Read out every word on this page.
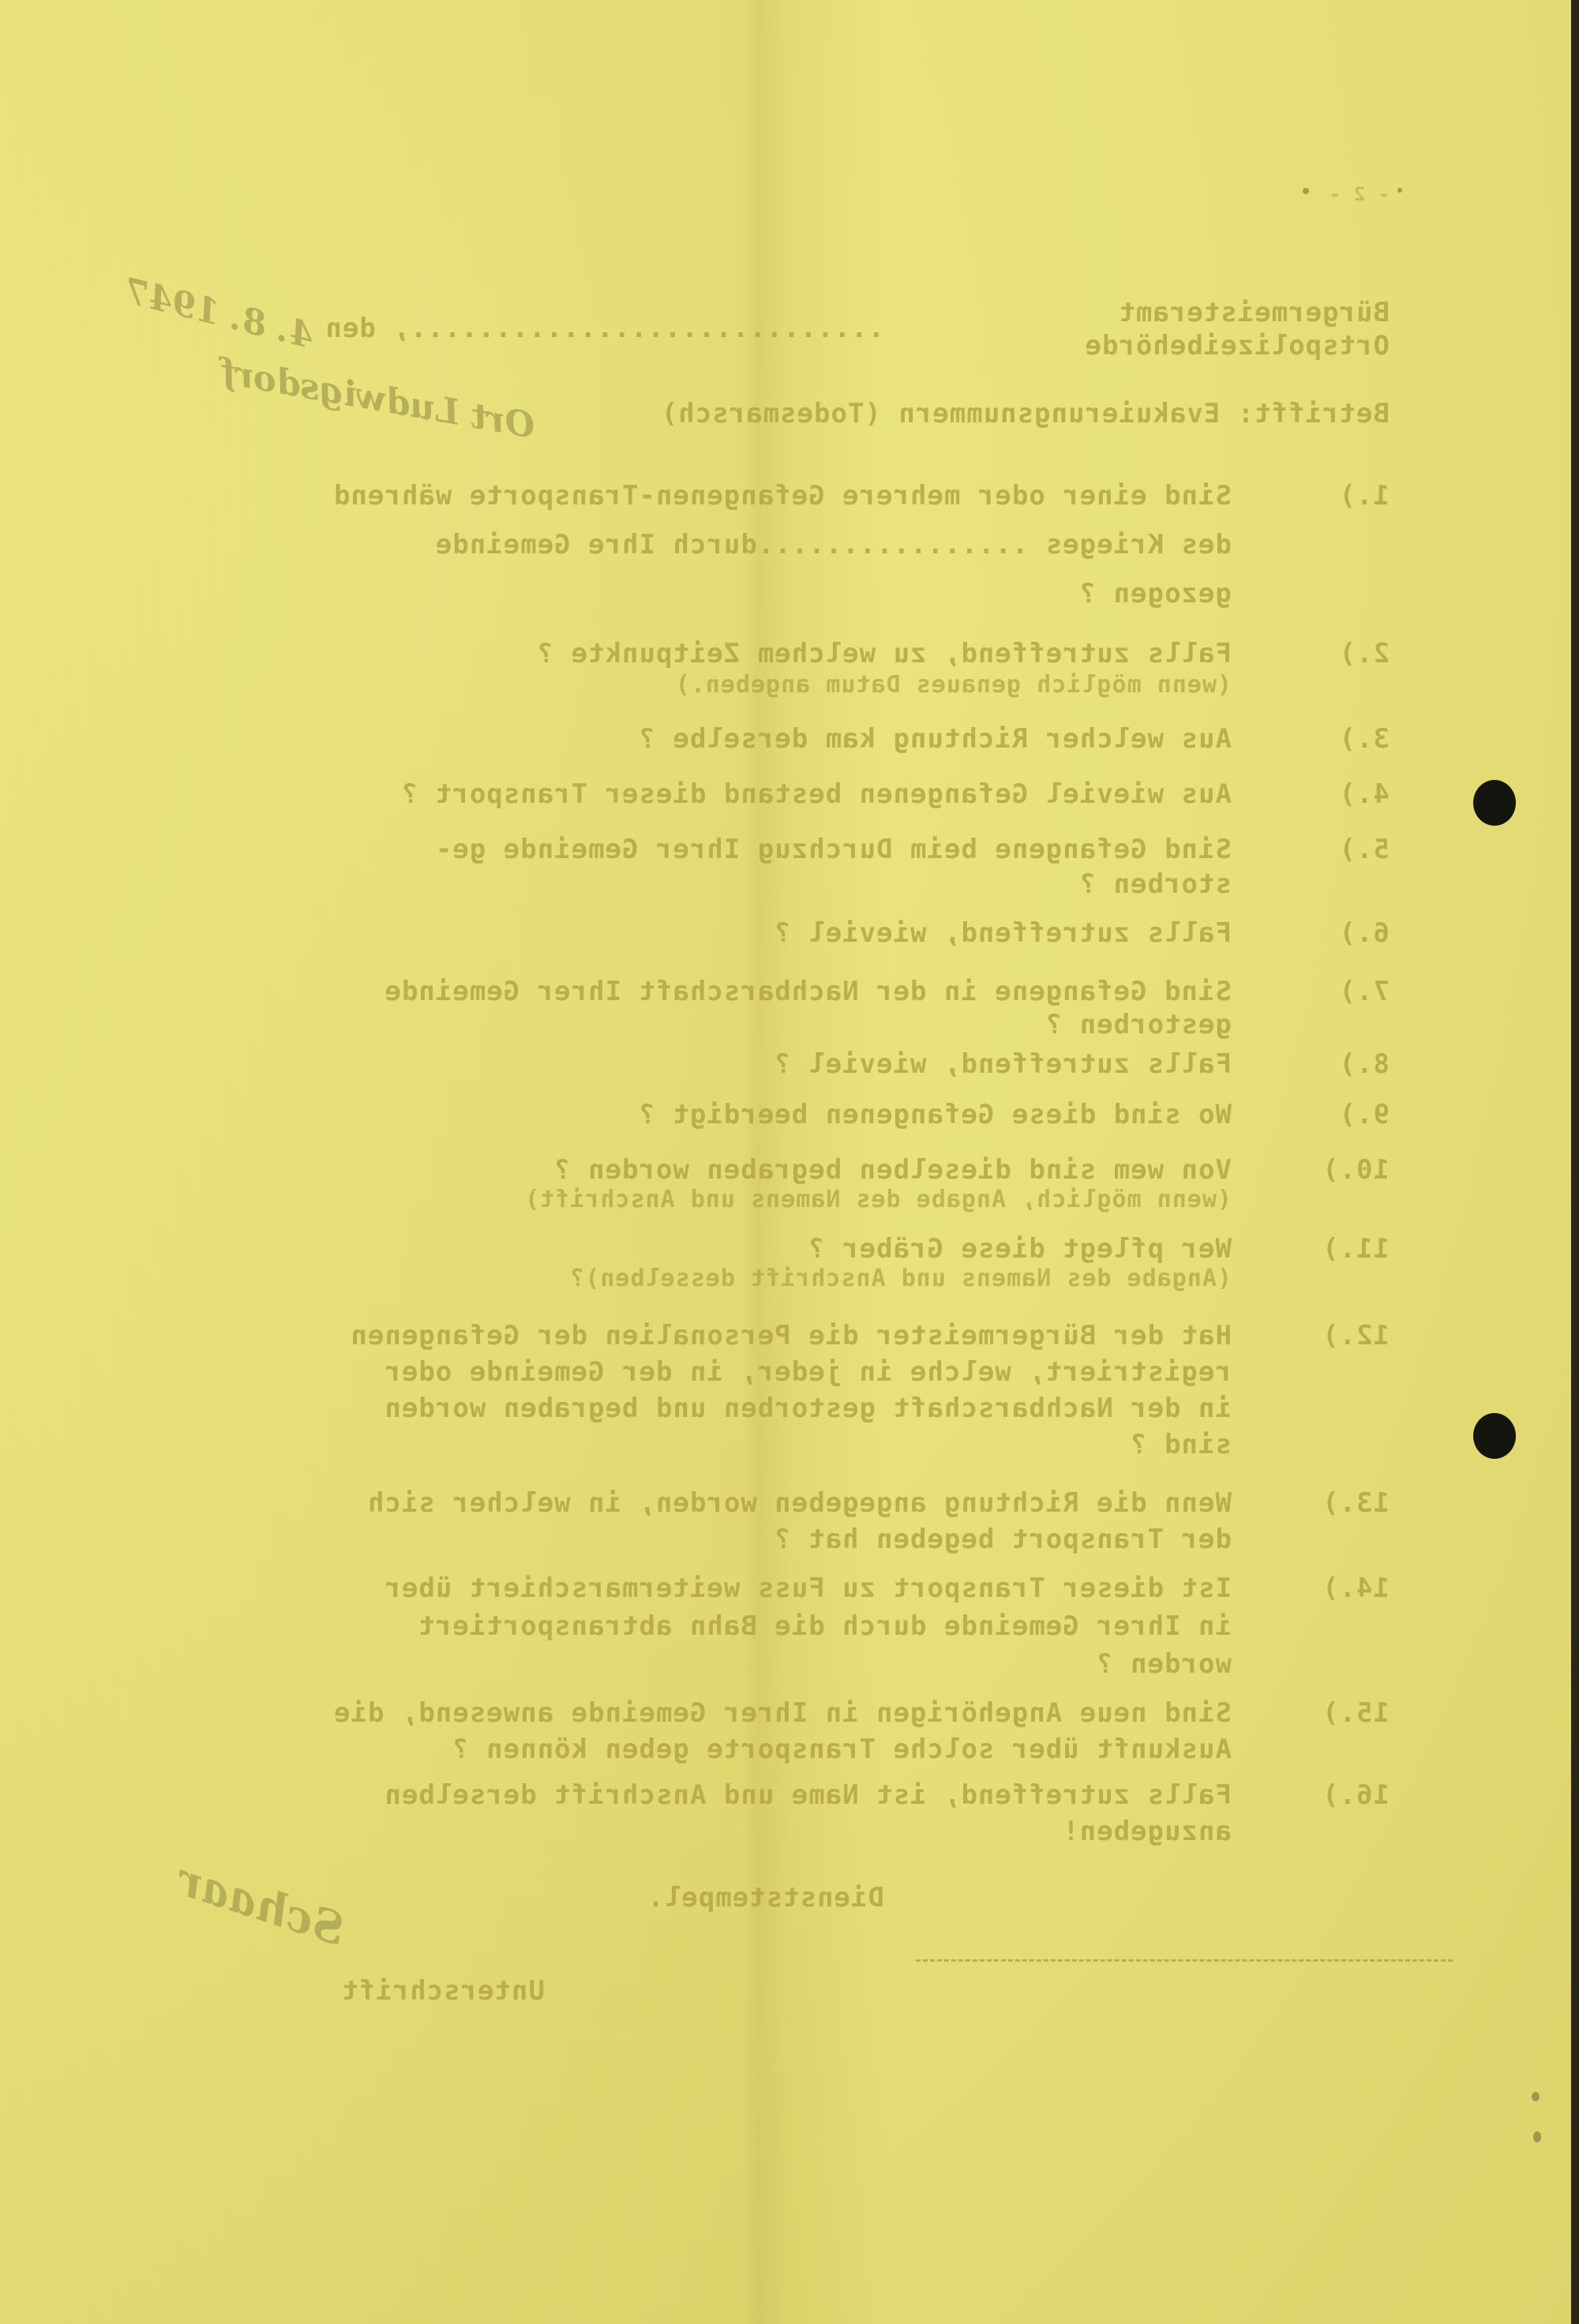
- 2 -
Bürgermeisteramt
Ortspolizeibehörde
............................, den
4. 8. 1947
Betrifft: Evakuierungsnummern (Todesmarsch)
Ort Ludwigsdorf
1.)
Sind einer oder mehrere Gefangenen-Transporte während
des Krieges ................durch Ihre Gemeinde
gezogen ?
2.)
Falls zutreffend, zu welchem Zeitpunkte ?
(wenn möglich genaues Datum angeben.)
3.)
Aus welcher Richtung kam derselbe ?
4.)
Aus wieviel Gefangenen bestand dieser Transport ?
5.)
Sind Gefangene beim Durchzug Ihrer Gemeinde ge-
storben ?
6.)
Falls zutreffend, wieviel ?
7.)
Sind Gefangene in der Nachbarschaft Ihrer Gemeinde
gestorben ?
8.)
Falls zutreffend, wieviel ?
9.)
Wo sind diese Gefangenen beerdigt ?
10.)
Von wem sind dieselben begraben worden ?
(wenn möglich, Angabe des Namens und Anschrift)
11.)
Wer pflegt diese Gräber ?
(Angabe des Namens und Anschrift desselben)?
12.)
Hat der Bürgermeister die Personalien der Gefangenen
registriert, welche in jeder, in der Gemeinde oder
in der Nachbarschaft gestorben und begraben worden
sind ?
13.)
Wenn die Richtung angegeben worden, in welcher sich
der Transport begeben hat ?
14.)
Ist dieser Transport zu Fuss weitermarschiert über
in Ihrer Gemeinde durch die Bahn abtransportiert
worden ?
15.)
Sind neue Angehörigen in Ihrer Gemeinde anwesend, die
Auskunft über solche Transporte geben können ?
16.)
Falls zutreffend, ist Name und Anschrift derselben
anzugeben!
Dienststempel.
Unterschrift
Schaar
